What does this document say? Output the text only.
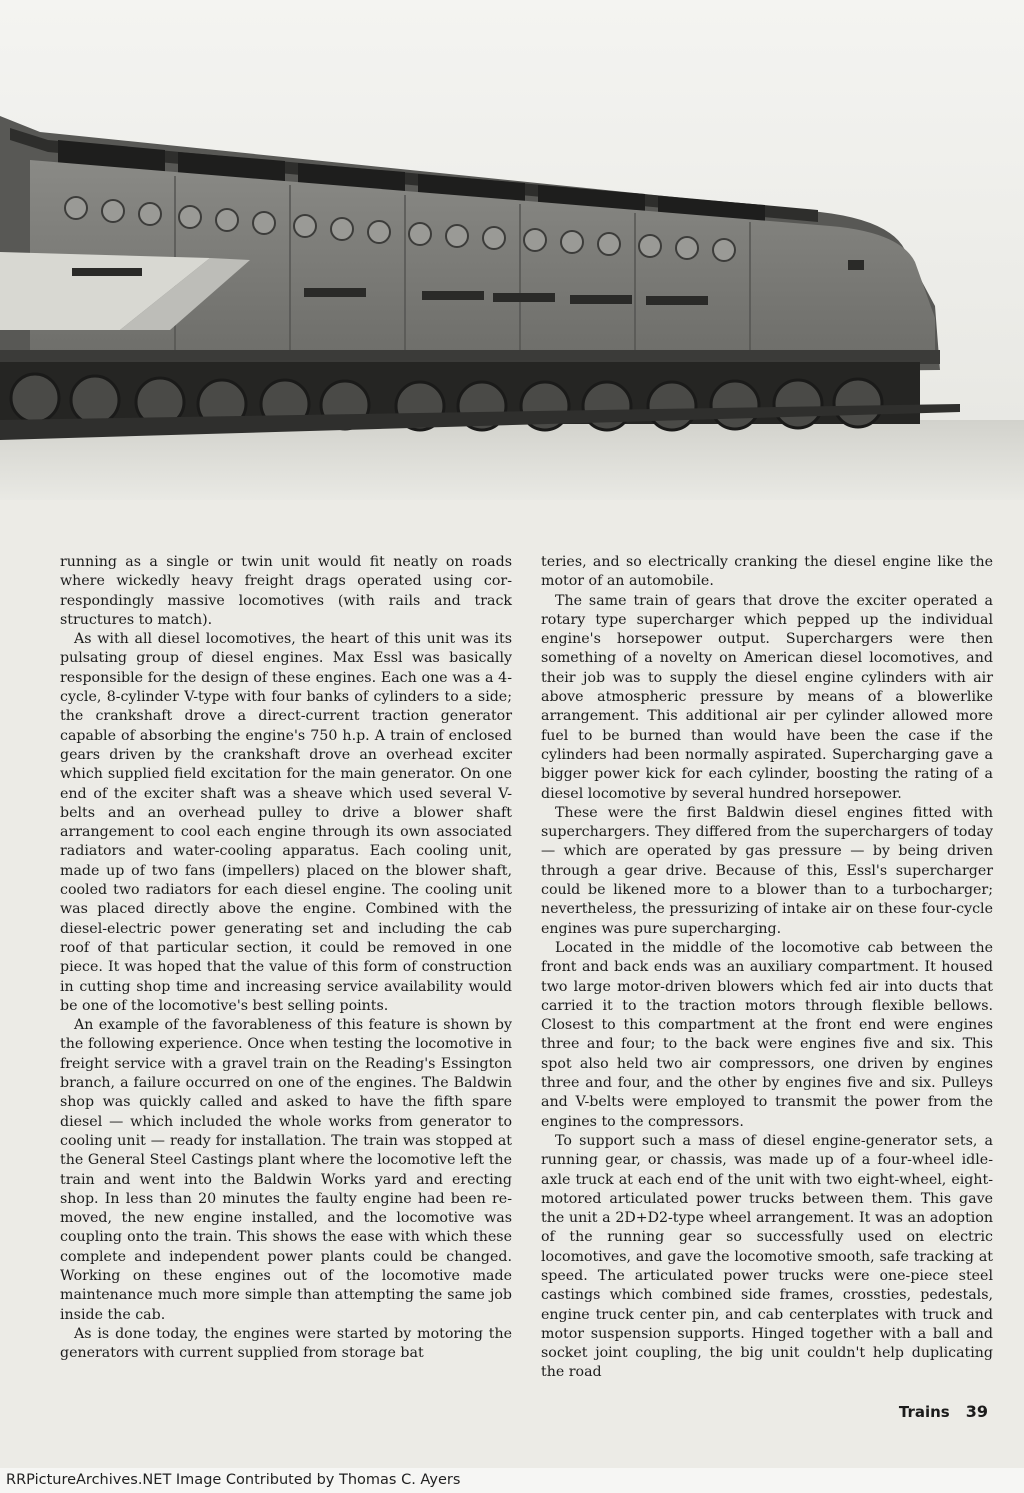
running as a single or twin unit would fit neatly on roads where wickedly heavy freight drags operated using correspondingly massive locomotives (with rails and track structures to match).

As with all diesel locomotives, the heart of this unit was its pulsating group of diesel engines. Max Essl was basically responsible for the design of these engines. Each one was a 4-cycle, 8-cylinder V-type with four banks of cylinders to a side; the crankshaft drove a direct-current traction generator capable of absorbing the engine's 750 h.p. A train of enclosed gears driven by the crankshaft drove an overhead exciter which supplied field excitation for the main generator. On one end of the exciter shaft was a sheave which used several V-belts and an overhead pulley to drive a blower shaft arrangement to cool each engine through its own associated radiators and water-cooling apparatus. Each cooling unit, made up of two fans (impellers) placed on the blower shaft, cooled two radiators for each diesel engine. The cooling unit was placed directly above the engine. Combined with the diesel-electric power generating set and including the cab roof of that particular section, it could be removed in one piece. It was hoped that the value of this form of construction in cutting shop time and increasing service availability would be one of the locomotive's best selling points.

An example of the favorableness of this feature is shown by the following experience. Once when testing the locomotive in freight service with a gravel train on the Reading's Essington branch, a failure occurred on one of the engines. The Baldwin shop was quickly called and asked to have the fifth spare diesel — which included the whole works from generator to cooling unit — ready for installation. The train was stopped at the General Steel Castings plant where the locomotive left the train and went into the Baldwin Works yard and erecting shop. In less than 20 minutes the faulty engine had been removed, the new engine installed, and the locomotive was coupling onto the train. This shows the ease with which these complete and independent power plants could be changed. Working on these engines out of the locomotive made maintenance much more simple than attempting the same job inside the cab.

As is done today, the engines were started by motoring the generators with current supplied from storage bat

teries, and so electrically cranking the diesel engine like the motor of an automobile.

The same train of gears that drove the exciter operated a rotary type supercharger which pepped up the individual engine's horsepower output. Superchargers were then something of a novelty on American diesel locomotives, and their job was to supply the diesel engine cylinders with air above atmospheric pressure by means of a blowerlike arrangement. This additional air per cylinder allowed more fuel to be burned than would have been the case if the cylinders had been normally aspirated. Supercharging gave a bigger power kick for each cylinder, boosting the rating of a diesel locomotive by several hundred horsepower.

These were the first Baldwin diesel engines fitted with superchargers. They differed from the superchargers of today — which are operated by gas pressure — by being driven through a gear drive. Because of this, Essl's supercharger could be likened more to a blower than to a turbocharger; nevertheless, the pressurizing of intake air on these four-cycle engines was pure supercharging.

Located in the middle of the locomotive cab between the front and back ends was an auxiliary compartment. It housed two large motor-driven blowers which fed air into ducts that carried it to the traction motors through flexible bellows. Closest to this compartment at the front end were engines three and four; to the back were engines five and six. This spot also held two air compressors, one driven by engines three and four, and the other by engines five and six. Pulleys and V-belts were employed to transmit the power from the engines to the compressors.

To support such a mass of diesel engine-generator sets, a running gear, or chassis, was made up of a four-wheel idle-axle truck at each end of the unit with two eight-wheel, eight-motored articulated power trucks between them. This gave the unit a 2D+D2-type wheel arrangement. It was an adoption of the running gear so successfully used on electric locomotives, and gave the locomotive smooth, safe tracking at speed. The articulated power trucks were one-piece steel castings which combined side frames, crossties, pedestals, engine truck center pin, and cab centerplates with truck and motor suspension supports. Hinged together with a ball and socket joint coupling, the big unit couldn't help duplicating the road

Trains 39
RRPictureArchives.NET Image Contributed by Thomas C. Ayers
